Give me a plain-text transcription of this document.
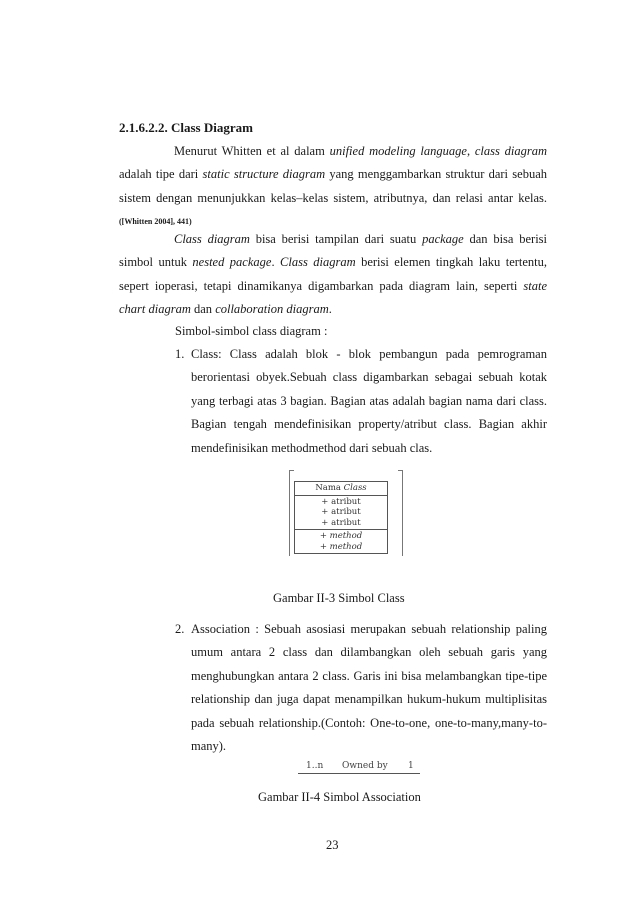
2.1.6.2.2. Class Diagram

Menurut Whitten et al dalam unified modeling language, class diagram adalah tipe dari static structure diagram yang menggambarkan struktur dari sebuah sistem dengan menunjukkan kelas–kelas sistem, atributnya, dan relasi antar kelas.$^{([Whitten 2004], 441)}$

Class diagram bisa berisi tampilan dari suatu package dan bisa berisi simbol untuk nested package. Class diagram berisi elemen tingkah laku tertentu, sepert ioperasi, tetapi dinamikanya digambarkan pada diagram lain, seperti state chart diagram dan collaboration diagram.

Simbol-simbol class diagram :

1. Class: Class adalah blok - blok pembangun pada pemrograman berorientasi obyek.Sebuah class digambarkan sebagai sebuah kotak yang terbagi atas 3 bagian. Bagian atas adalah bagian nama dari class. Bagian tengah mendefinisikan property/atribut class. Bagian akhir mendefinisikan methodmethod dari sebuah clas.
Nama Class
+ atribut
+ atribut
+ atribut
+ method
+ method

Gambar II-3 Simbol Class

2. Association : Sebuah asosiasi merupakan sebuah relationship paling umum antara 2 class dan dilambangkan oleh sebuah garis yang menghubungkan antara 2 class. Garis ini bisa melambangkan tipe-tipe relationship dan juga dapat menampilkan hukum-hukum multiplisitas pada sebuah relationship.(Contoh: One-to-one, one-to-many,many-to-many).
1..n Owned by 1

Gambar II-4 Simbol Association

23
